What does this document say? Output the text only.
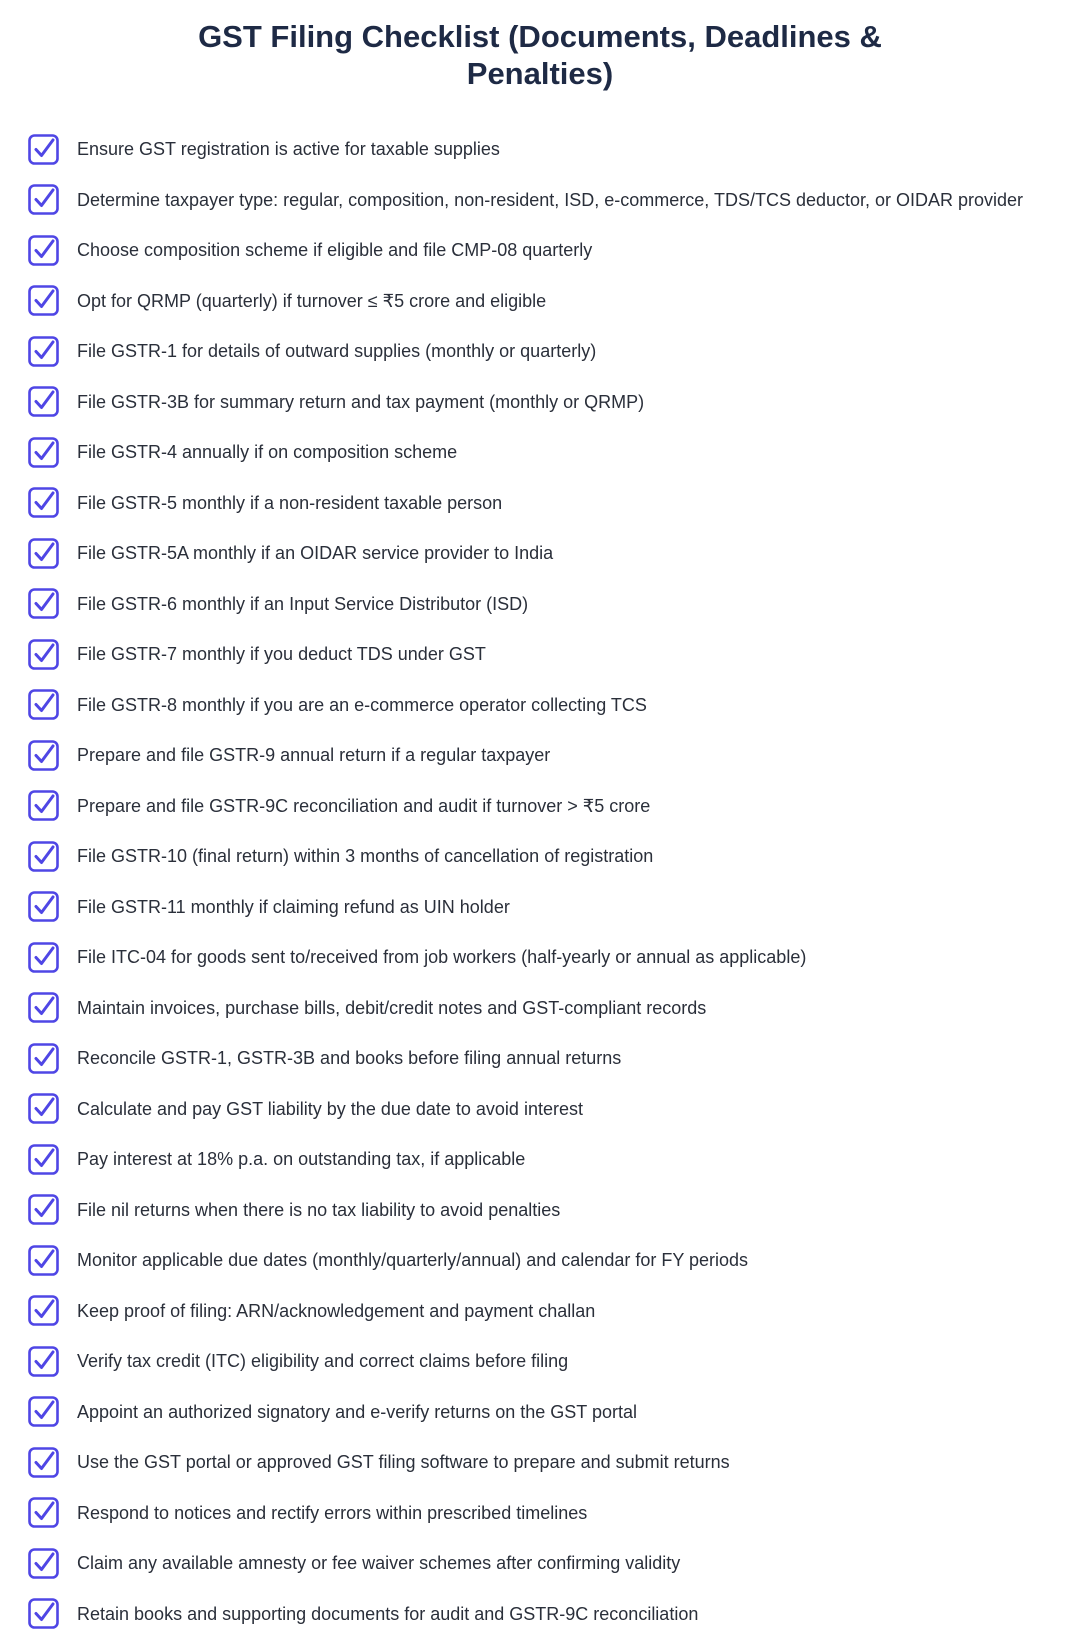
GST Filing Checklist (Documents, Deadlines & Penalties)
Ensure GST registration is active for taxable supplies
Determine taxpayer type: regular, composition, non-resident, ISD, e-commerce, TDS/TCS deductor, or OIDAR provider
Choose composition scheme if eligible and file CMP-08 quarterly
Opt for QRMP (quarterly) if turnover ≤ ₹5 crore and eligible
File GSTR-1 for details of outward supplies (monthly or quarterly)
File GSTR-3B for summary return and tax payment (monthly or QRMP)
File GSTR-4 annually if on composition scheme
File GSTR-5 monthly if a non-resident taxable person
File GSTR-5A monthly if an OIDAR service provider to India
File GSTR-6 monthly if an Input Service Distributor (ISD)
File GSTR-7 monthly if you deduct TDS under GST
File GSTR-8 monthly if you are an e-commerce operator collecting TCS
Prepare and file GSTR-9 annual return if a regular taxpayer
Prepare and file GSTR-9C reconciliation and audit if turnover > ₹5 crore
File GSTR-10 (final return) within 3 months of cancellation of registration
File GSTR-11 monthly if claiming refund as UIN holder
File ITC-04 for goods sent to/received from job workers (half-yearly or annual as applicable)
Maintain invoices, purchase bills, debit/credit notes and GST-compliant records
Reconcile GSTR-1, GSTR-3B and books before filing annual returns
Calculate and pay GST liability by the due date to avoid interest
Pay interest at 18% p.a. on outstanding tax, if applicable
File nil returns when there is no tax liability to avoid penalties
Monitor applicable due dates (monthly/quarterly/annual) and calendar for FY periods
Keep proof of filing: ARN/acknowledgement and payment challan
Verify tax credit (ITC) eligibility and correct claims before filing
Appoint an authorized signatory and e-verify returns on the GST portal
Use the GST portal or approved GST filing software to prepare and submit returns
Respond to notices and rectify errors within prescribed timelines
Claim any available amnesty or fee waiver schemes after confirming validity
Retain books and supporting documents for audit and GSTR-9C reconciliation
